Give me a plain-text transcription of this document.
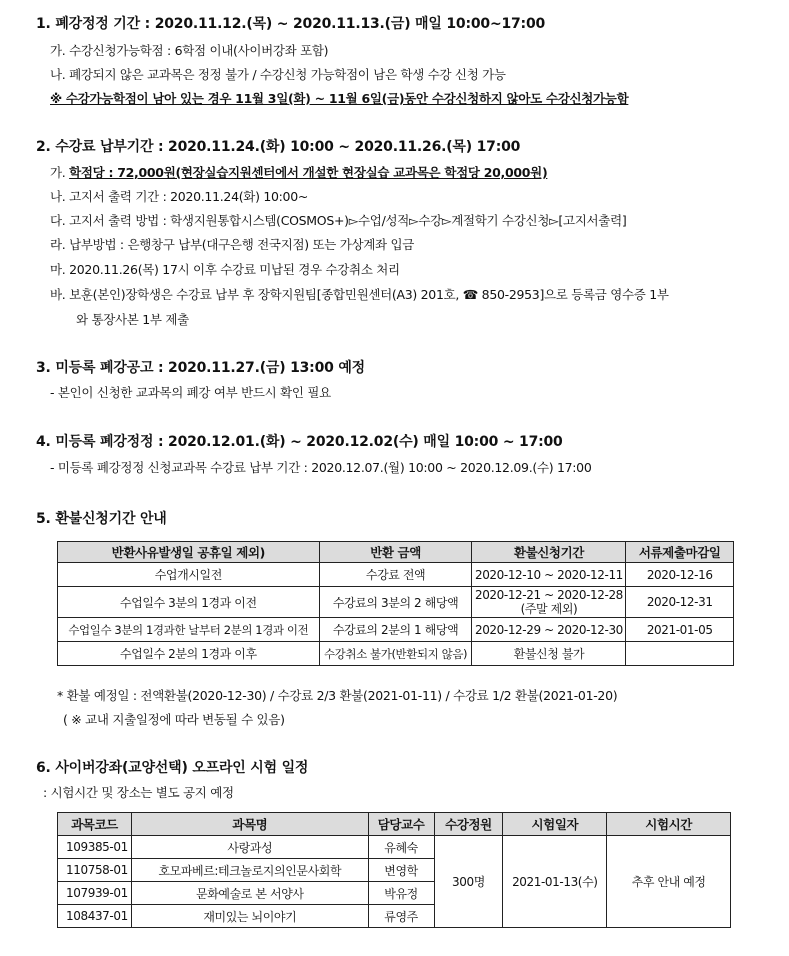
1. 폐강정정 기간 : 2020.11.12.(목) ~ 2020.11.13.(금) 매일 10:00~17:00
가. 수강신청가능학점 : 6학점 이내(사이버강좌 포함)
나. 폐강되지 않은 교과목은 정정 불가 / 수강신청 가능학점이 남은 학생 수강 신청 가능
※ 수강가능학점이 남아 있는 경우 11월 3일(화) ~ 11월 6일(금)동안 수강신청하지 않아도 수강신청가능함
2. 수강료 납부기간 : 2020.11.24.(화) 10:00 ~ 2020.11.26.(목) 17:00
가. 학점당 : 72,000원(현장실습지원센터에서 개설한 현장실습 교과목은 학점당 20,000원)
나. 고지서 출력 기간 : 2020.11.24(화) 10:00~
다. 고지서 출력 방법 : 학생지원통합시스템(COSMOS+)▻수업/성적▻수강▻계절학기 수강신청▻[고지서출력]
라. 납부방법 : 은행창구 납부(대구은행 전국지점) 또는 가상계좌 입금
마. 2020.11.26(목) 17시 이후 수강료 미납된 경우 수강취소 처리
바. 보훈(본인)장학생은 수강료 납부 후 장학지원팀[종합민원센터(A3) 201호, ☎ 850-2953]으로 등록금 영수증 1부
와 통장사본 1부 제출
3. 미등록 폐강공고 : 2020.11.27.(금) 13:00 예정
- 본인이 신청한 교과목의 폐강 여부 반드시 확인 필요
4. 미등록 폐강정정 : 2020.12.01.(화) ~ 2020.12.02(수) 매일 10:00 ~ 17:00
- 미등록 폐강정정 신청교과목 수강료 납부 기간 : 2020.12.07.(월) 10:00 ~ 2020.12.09.(수) 17:00
5. 환불신청기간 안내
반환사유발생일 공휴일 제외)	반환 금액	환불신청기간	서류제출마감일
수업개시일전	수강료 전액	2020-12-10 ~ 2020-12-11	2020-12-16
수업일수 3분의 1경과 이전	수강료의 3분의 2 해당액	2020-12-21 ~ 2020-12-28
(주말 제외)	2020-12-31
수업일수 3분의 1경과한 날부터 2분의 1경과 이전	수강료의 2분의 1 해당액	2020-12-29 ~ 2020-12-30	2021-01-05
수업일수 2분의 1경과 이후	수강취소 불가(반환되지 않음)	환불신청 불가	
* 환불 예정일 : 전액환불(2020-12-30) / 수강료 2/3 환불(2021-01-11) / 수강료 1/2 환불(2021-01-20)
( ※ 교내 지출일정에 따라 변동될 수 있음)
6. 사이버강좌(교양선택) 오프라인 시험 일정
: 시험시간 및 장소는 별도 공지 예정
과목코드	과목명	담당교수	수강정원	시험일자	시험시간
109385-01	사랑과성	유혜숙	300명	2021-01-13(수)	추후 안내 예정
110758-01	호모파베르:테크놀로지의인문사회학	변영학			
107939-01	문화예술로 본 서양사	박유정			
108437-01	재미있는 뇌이야기	류영주			
